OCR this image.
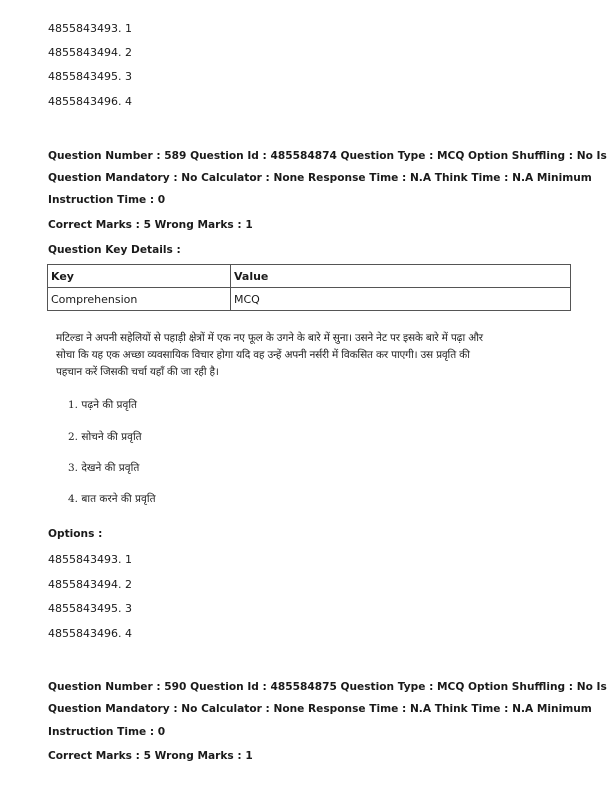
4855843493. 1
4855843494. 2
4855843495. 3
4855843496. 4
Question Number : 589 Question Id : 485584874 Question Type : MCQ Option Shuffling : No Is
Question Mandatory : No Calculator : None Response Time : N.A Think Time : N.A Minimum
Instruction Time : 0
Correct Marks : 5 Wrong Marks : 1
Question Key Details :
Key	Value
Comprehension	MCQ
मटिल्डा ने अपनी सहेलियों से पहाड़ी क्षेत्रों में एक नए फूल के उगने के बारे में सुना। उसने नेट पर इसके बारे में पढ़ा और
सोचा कि यह एक अच्छा व्यवसायिक विचार होगा यदि वह उन्हें अपनी नर्सरी में विकसित कर पाएगी। उस प्रवृति की
पहचान करें जिसकी चर्चा यहाँ की जा रही है।
1. पढ़ने की प्रवृति
2. सोचने की प्रवृति
3. देखने की प्रवृति
4. बात करने की प्रवृति
Options :
4855843493. 1
4855843494. 2
4855843495. 3
4855843496. 4
Question Number : 590 Question Id : 485584875 Question Type : MCQ Option Shuffling : No Is
Question Mandatory : No Calculator : None Response Time : N.A Think Time : N.A Minimum
Instruction Time : 0
Correct Marks : 5 Wrong Marks : 1
